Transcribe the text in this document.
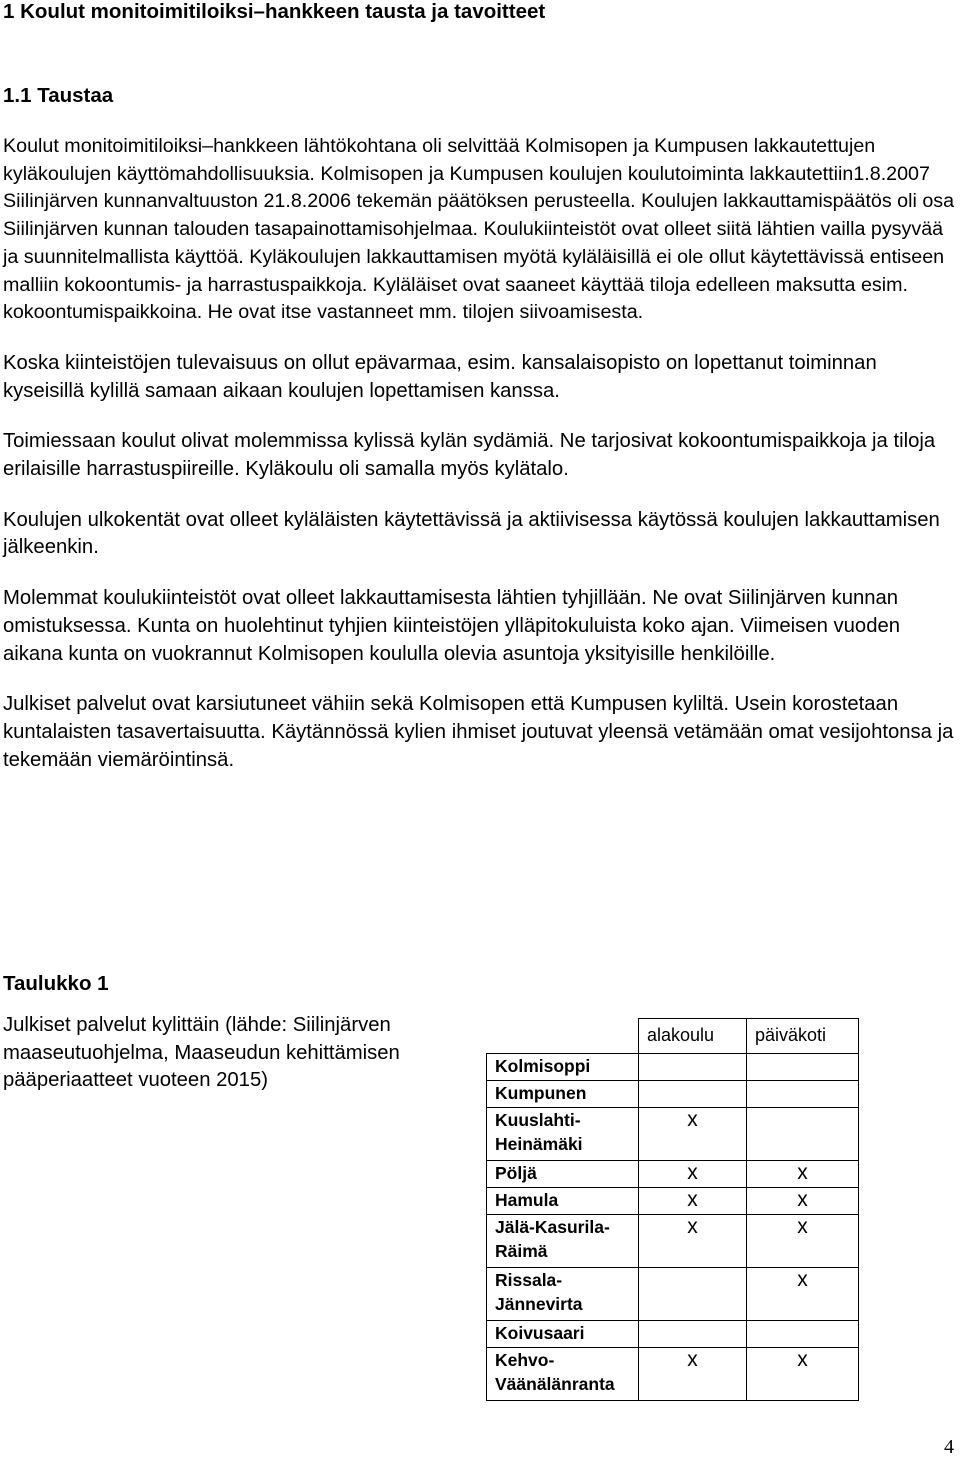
1 Koulut monitoimitiloiksi–hankkeen tausta ja tavoitteet
1.1 Taustaa

Koulut monitoimitiloiksi–hankkeen lähtökohtana oli selvittää Kolmisopen ja Kumpusen lakkautettujen kyläkoulujen käyttömahdollisuuksia. Kolmisopen ja Kumpusen koulujen koulutoiminta lakkautettiin1.8.2007 Siilinjärven kunnanvaltuuston 21.8.2006 tekemän päätöksen perusteella. Koulujen lakkauttamispäätös oli osa Siilinjärven kunnan talouden tasapainottamisohjelmaa. Koulukiinteistöt ovat olleet siitä lähtien vailla pysyvää ja suunnitelmallista käyttöä. Kyläkoulujen lakkauttamisen myötä kyläläisillä ei ole ollut käytettävissä entiseen malliin kokoontumis- ja harrastuspaikkoja. Kyläläiset ovat saaneet käyttää tiloja edelleen maksutta esim. kokoontumispaikkoina. He ovat itse vastanneet mm. tilojen siivoamisesta.

Koska kiinteistöjen tulevaisuus on ollut epävarmaa, esim. kansalaisopisto on lopettanut toiminnan kyseisillä kylillä samaan aikaan koulujen lopettamisen kanssa.

Toimiessaan koulut olivat molemmissa kylissä kylän sydämiä. Ne tarjosivat kokoontumispaikkoja ja tiloja erilaisille harrastuspiireille. Kyläkoulu oli samalla myös kylätalo.

Koulujen ulkokentät ovat olleet kyläläisten käytettävissä ja aktiivisessa käytössä koulujen lakkauttamisen jälkeenkin.

Molemmat koulukiinteistöt ovat olleet lakkauttamisesta lähtien tyhjillään. Ne ovat Siilinjärven kunnan omistuksessa. Kunta on huolehtinut tyhjien kiinteistöjen ylläpitokuluista koko ajan. Viimeisen vuoden aikana kunta on vuokrannut Kolmisopen koululla olevia asuntoja yksityisille henkilöille.

Julkiset palvelut ovat karsiutuneet vähiin sekä Kolmisopen että Kumpusen kyliltä. Usein korostetaan kuntalaisten tasavertaisuutta. Käytännössä kylien ihmiset joutuvat yleensä vetämään omat vesijohtonsa ja tekemään viemäröintinsä.

Taulukko 1

Julkiset palvelut kylittäin (lähde: Siilinjärven maaseutuohjelma, Maaseudun kehittämisen pääperiaatteet vuoteen 2015)

	alakoulu	päiväkoti
Kolmisoppi		
Kumpunen		
Kuuslahti-Heinämäki	x	
Pöljä	x	x
Hamula	x	x
Jälä-Kasurila-Räimä	x	x
Rissala-Jännevirta		x
Koivusaari		
Kehvo-Väänälänranta	x	x
4
